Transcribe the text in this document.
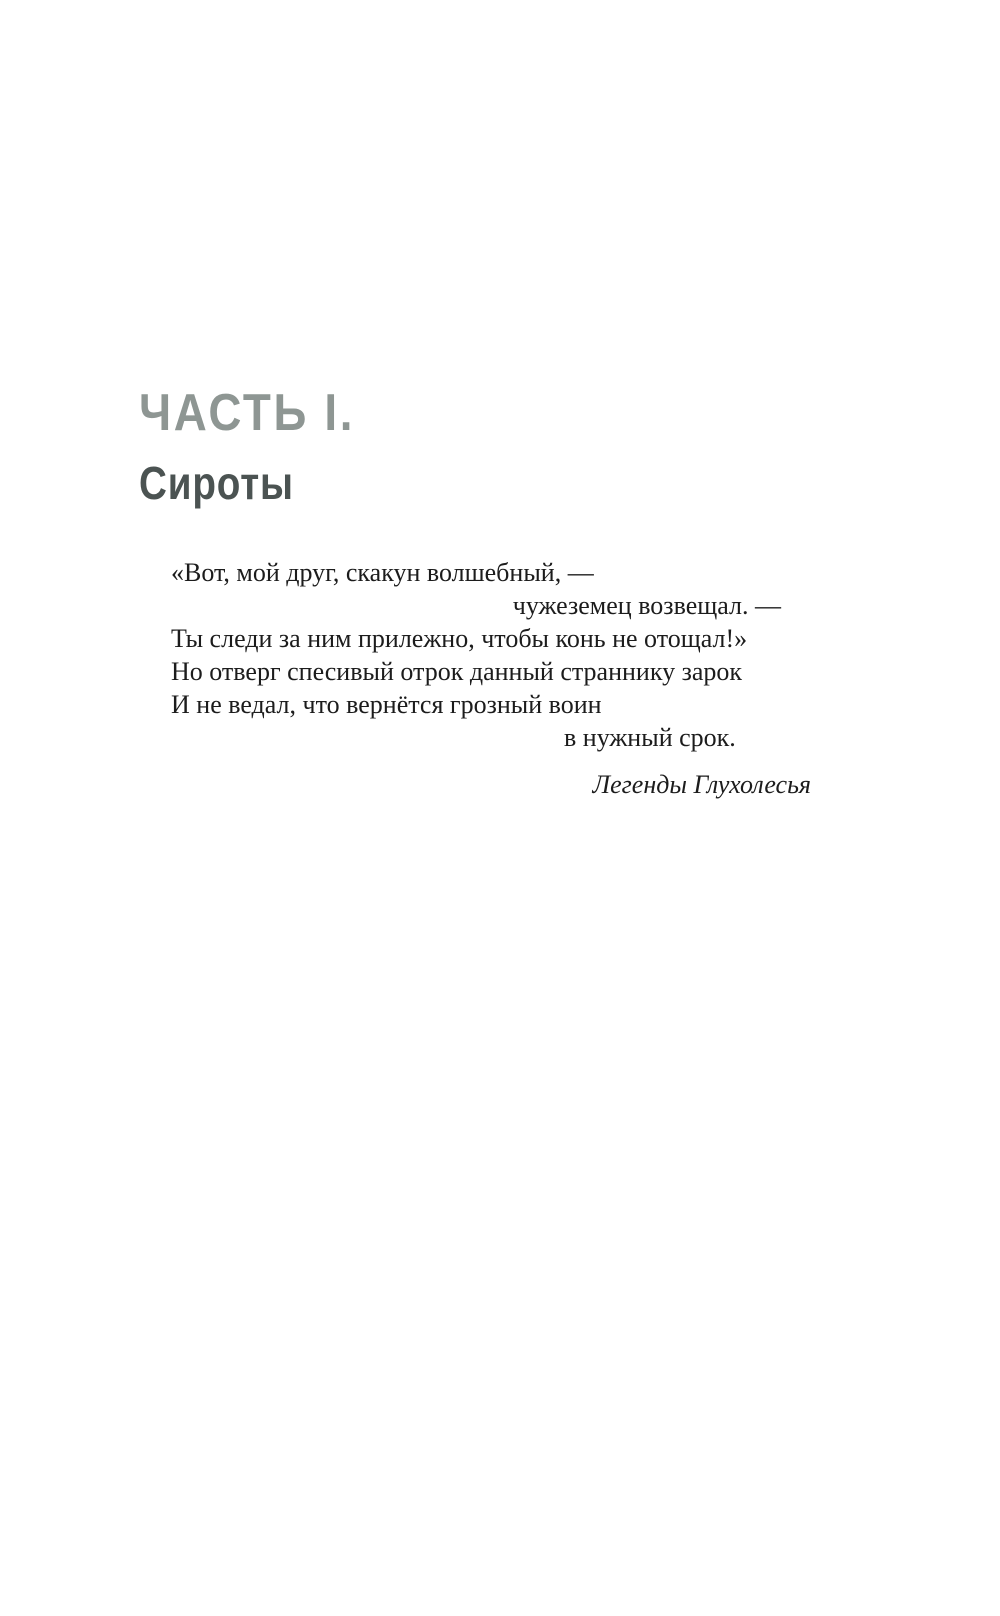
ЧАСТЬ I.
Сироты
«Вот, мой друг, скакун волшебный, —
чужеземец возвещал. —
Ты следи за ним прилежно, чтобы конь не отощал!»
Но отверг спесивый отрок данный страннику зарок
И не ведал, что вернётся грозный воин
в нужный срок.
Легенды Глухолесья
